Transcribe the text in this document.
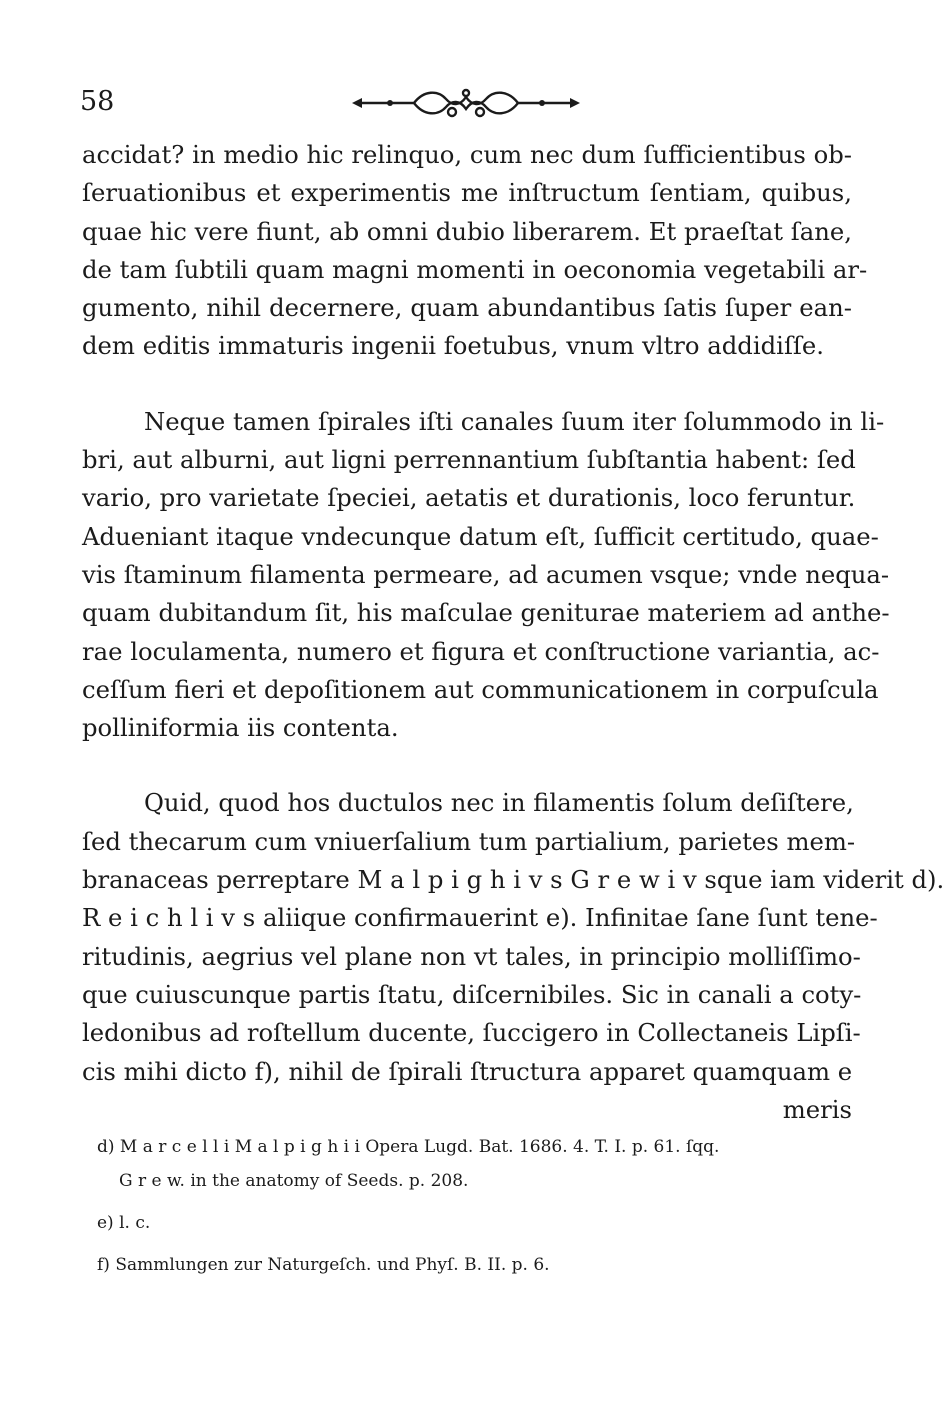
58
accidat? in medio hic relinquo, cum nec dum ſufficientibus ob-
ſeruationibus et experimentis me inſtructum ſentiam, quibus,
quae hic vere fiunt, ab omni dubio liberarem. Et praeſtat ſane,
de tam ſubtili quam magni momenti in oeconomia vegetabili ar-
gumento, nihil decernere, quam abundantibus ſatis ſuper ean-
dem editis immaturis ingenii foetubus, vnum vltro addidiſſe.
Neque tamen ſpirales iſti canales ſuum iter ſolummodo in li-
bri, aut alburni, aut ligni perrennantium ſubſtantia habent: ſed
vario, pro varietate ſpeciei, aetatis et durationis, loco feruntur.
Adueniant itaque vndecunque datum eſt, ſufficit certitudo, quae-
vis ſtaminum filamenta permeare, ad acumen vsque; vnde nequa-
quam dubitandum ſit, his maſculae geniturae materiem ad anthe-
rae loculamenta, numero et figura et conſtructione variantia, ac-
ceſſum fieri et depoſitionem aut communicationem in corpuſcula
polliniformia iis contenta.
Quid, quod hos ductulos nec in filamentis ſolum deſiſtere,
ſed thecarum cum vniuerſalium tum partialium, parietes mem-
branaceas perreptare M a l p i g h i v s G r e w i v sque iam viderit d).
R e i c h l i v s aliique confirmauerint e). Infinitae ſane ſunt tene-
ritudinis, aegrius vel plane non vt tales, in principio molliſſimo-
que cuiuscunque partis ſtatu, diſcernibiles. Sic in canali a coty-
ledonibus ad roſtellum ducente, ſuccigero in Collectaneis Lipſi-
cis mihi dicto f), nihil de ſpirali ſtructura apparet quamquam e
meris
d) M a r c e l l i M a l p i g h i i Opera Lugd. Bat. 1686. 4. T. I. p. 61. ſqq.
G r e w. in the anatomy of Seeds. p. 208.
e) l. c.
f) Sammlungen zur Naturgeſch. und Phyſ. B. II. p. 6.
